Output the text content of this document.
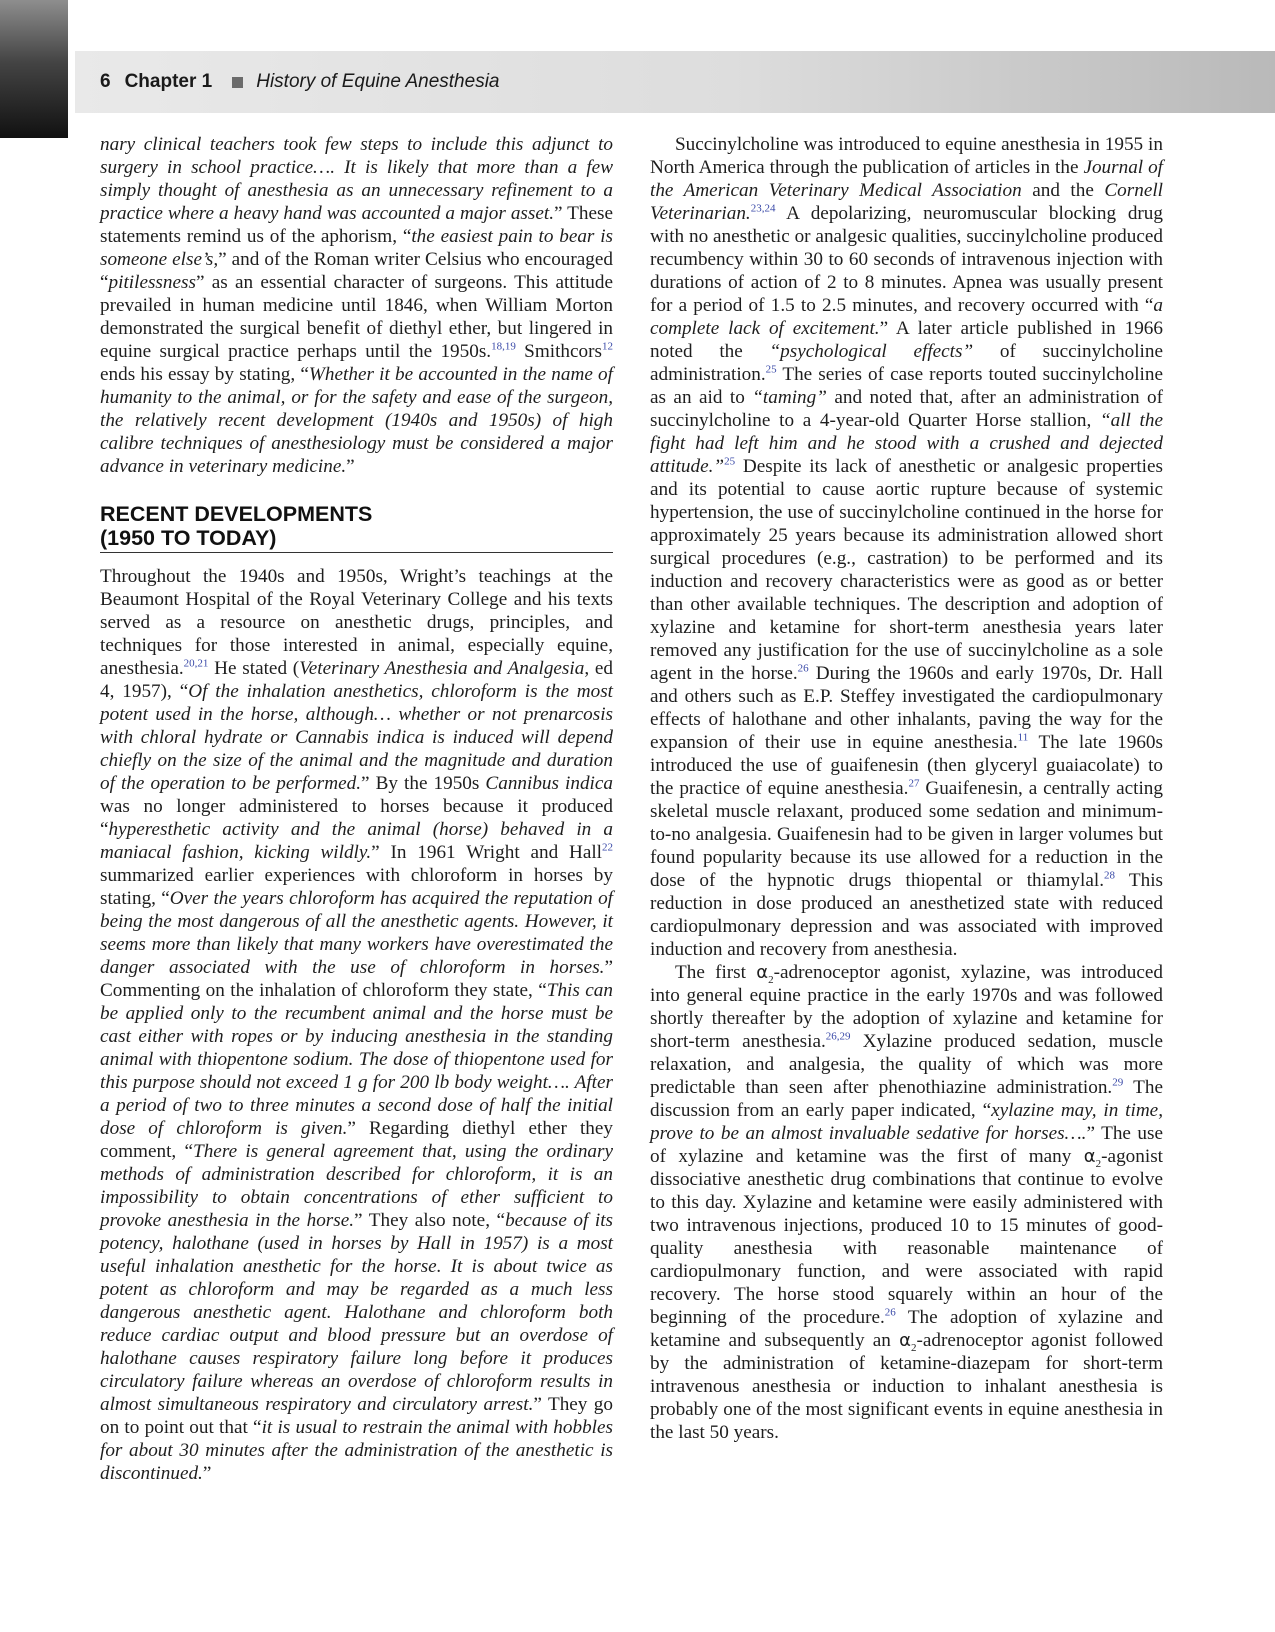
6 Chapter 1 History of Equine Anesthesia

nary clinical teachers took few steps to include this adjunct to surgery in school practice…. It is likely that more than a few simply thought of anesthesia as an unnecessary refinement to a practice where a heavy hand was accounted a major asset.” These statements remind us of the aphorism, “the easiest pain to bear is someone else’s,” and of the Roman writer Celsius who encouraged “pitilessness” as an essential character of surgeons. This attitude prevailed in human medicine until 1846, when William Morton demonstrated the surgical benefit of diethyl ether, but lingered in equine surgical practice perhaps until the 1950s.$^{18,19}$ Smithcors$^{12}$ ends his essay by stating, “Whether it be accounted in the name of humanity to the animal, or for the safety and ease of the surgeon, the relatively recent development (1940s and 1950s) of high calibre techniques of anesthesiology must be considered a major advance in veterinary medicine.”

RECENT DEVELOPMENTS
(1950 TO TODAY)

Throughout the 1940s and 1950s, Wright’s teachings at the Beaumont Hospital of the Royal Veterinary College and his texts served as a resource on anesthetic drugs, principles, and techniques for those interested in animal, especially equine, anesthesia.$^{20,21}$ He stated (Veterinary Anesthesia and Analgesia, ed 4, 1957), “Of the inhalation anesthetics, chloroform is the most potent used in the horse, although… whether or not prenarcosis with chloral hydrate or Cannabis indica is induced will depend chiefly on the size of the animal and the magnitude and duration of the operation to be performed.” By the 1950s Cannibus indica was no longer administered to horses because it produced “hyperesthetic activity and the animal (horse) behaved in a maniacal fashion, kicking wildly.” In 1961 Wright and Hall$^{22}$ summarized earlier experiences with chloroform in horses by stating, “Over the years chloroform has acquired the reputation of being the most dangerous of all the anesthetic agents. However, it seems more than likely that many workers have overestimated the danger associated with the use of chloroform in horses.” Commenting on the inhalation of chloroform they state, “This can be applied only to the recumbent animal and the horse must be cast either with ropes or by inducing anesthesia in the standing animal with thiopentone sodium. The dose of thiopentone used for this purpose should not exceed 1 g for 200 lb body weight…. After a period of two to three minutes a second dose of half the initial dose of chloroform is given.” Regarding diethyl ether they comment, “There is general agreement that, using the ordinary methods of administration described for chloroform, it is an impossibility to obtain concentrations of ether sufficient to provoke anesthesia in the horse.” They also note, “because of its potency, halothane (used in horses by Hall in 1957) is a most useful inhalation anesthetic for the horse. It is about twice as potent as chloroform and may be regarded as a much less dangerous anesthetic agent. Halothane and chloroform both reduce cardiac output and blood pressure but an overdose of halothane causes respiratory failure long before it produces circulatory failure whereas an overdose of chloroform results in almost simultaneous respiratory and circulatory arrest.” They go on to point out that “it is usual to restrain the animal with hobbles for about 30 minutes after the administration of the anesthetic is discontinued.”

Succinylcholine was introduced to equine anesthesia in 1955 in North America through the publication of articles in the Journal of the American Veterinary Medical Association and the Cornell Veterinarian.$^{23,24}$ A depolarizing, neuromuscular blocking drug with no anesthetic or analgesic qualities, succinylcholine produced recumbency within 30 to 60 seconds of intravenous injection with durations of action of 2 to 8 minutes. Apnea was usually present for a period of 1.5 to 2.5 minutes, and recovery occurred with “a complete lack of excitement.” A later article published in 1966 noted the “psychological effects” of succinylcholine administration.$^{25}$ The series of case reports touted succinylcholine as an aid to “taming” and noted that, after an administration of succinylcholine to a 4-year-old Quarter Horse stallion, “all the fight had left him and he stood with a crushed and dejected attitude.”$^{25}$ Despite its lack of anesthetic or analgesic properties and its potential to cause aortic rupture because of systemic hypertension, the use of succinylcholine continued in the horse for approximately 25 years because its administration allowed short surgical procedures (e.g., castration) to be performed and its induction and recovery characteristics were as good as or better than other available techniques. The description and adoption of xylazine and ketamine for short-term anesthesia years later removed any justification for the use of succinylcholine as a sole agent in the horse.$^{26}$ During the 1960s and early 1970s, Dr. Hall and others such as E.P. Steffey investigated the cardiopulmonary effects of halothane and other inhalants, paving the way for the expansion of their use in equine anesthesia.$^{11}$ The late 1960s introduced the use of guaifenesin (then glyceryl guaiacolate) to the practice of equine anesthesia.$^{27}$ Guaifenesin, a centrally acting skeletal muscle relaxant, produced some sedation and minimum-to-no analgesia. Guaifenesin had to be given in larger volumes but found popularity because its use allowed for a reduction in the dose of the hypnotic drugs thiopental or thiamylal.$^{28}$ This reduction in dose produced an anesthetized state with reduced cardiopulmonary depression and was associated with improved induction and recovery from anesthesia.

The first $\alpha_2$-adrenoceptor agonist, xylazine, was introduced into general equine practice in the early 1970s and was followed shortly thereafter by the adoption of xylazine and ketamine for short-term anesthesia.$^{26,29}$ Xylazine produced sedation, muscle relaxation, and analgesia, the quality of which was more predictable than seen after phenothiazine administration.$^{29}$ The discussion from an early paper indicated, “xylazine may, in time, prove to be an almost invaluable sedative for horses….” The use of xylazine and ketamine was the first of many $\alpha_2$-agonist dissociative anesthetic drug combinations that continue to evolve to this day. Xylazine and ketamine were easily administered with two intravenous injections, produced 10 to 15 minutes of good-quality anesthesia with reasonable maintenance of cardiopulmonary function, and were associated with rapid recovery. The horse stood squarely within an hour of the beginning of the procedure.$^{26}$ The adoption of xylazine and ketamine and subsequently an $\alpha_2$-adrenoceptor agonist followed by the administration of ketamine-diazepam for short-term intravenous anesthesia or induction to inhalant anesthesia is probably one of the most significant events in equine anesthesia in the last 50 years.
